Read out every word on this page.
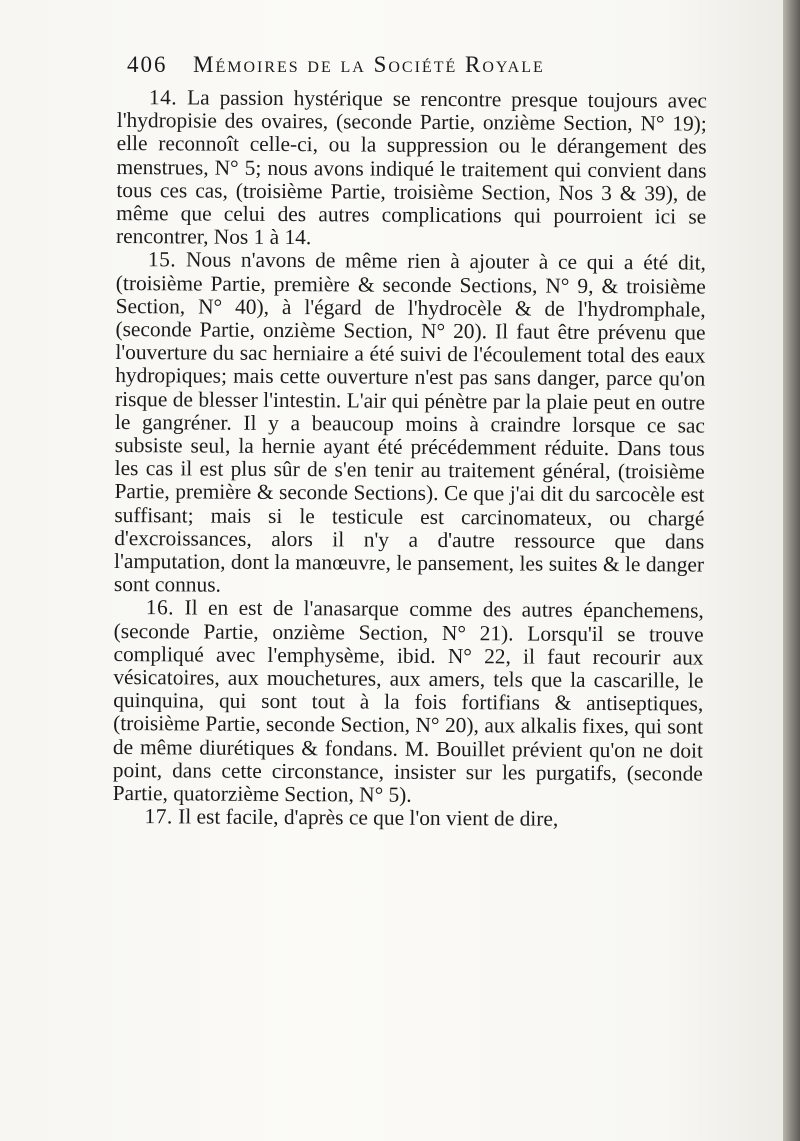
406 Mémoires de la Société Royale

14. La passion hystérique se rencontre presque toujours avec l'hydropisie des ovaires, (seconde Partie, onzième Section, N° 19); elle reconnoît celle-ci, ou la suppression ou le dérangement des menstrues, N° 5; nous avons indiqué le traitement qui convient dans tous ces cas, (troisième Partie, troisième Section, Nos 3 & 39), de même que celui des autres complications qui pourroient ici se rencontrer, Nos 1 à 14.

15. Nous n'avons de même rien à ajouter à ce qui a été dit, (troisième Partie, première & seconde Sections, N° 9, & troisième Section, N° 40), à l'égard de l'hydrocèle & de l'hydromphale, (seconde Partie, onzième Section, N° 20). Il faut être prévenu que l'ouverture du sac herniaire a été suivi de l'écoulement total des eaux hydropiques; mais cette ouverture n'est pas sans danger, parce qu'on risque de blesser l'intestin. L'air qui pénètre par la plaie peut en outre le gangréner. Il y a beaucoup moins à craindre lorsque ce sac subsiste seul, la hernie ayant été précédemment réduite. Dans tous les cas il est plus sûr de s'en tenir au traitement général, (troisième Partie, première & seconde Sections). Ce que j'ai dit du sarcocèle est suffisant; mais si le testicule est carcinomateux, ou chargé d'excroissances, alors il n'y a d'autre ressource que dans l'amputation, dont la manœuvre, le pansement, les suites & le danger sont connus.

16. Il en est de l'anasarque comme des autres épanchemens, (seconde Partie, onzième Section, N° 21). Lorsqu'il se trouve compliqué avec l'emphysème, ibid. N° 22, il faut recourir aux vésicatoires, aux mouchetures, aux amers, tels que la cascarille, le quinquina, qui sont tout à la fois fortifians & antiseptiques, (troisième Partie, seconde Section, N° 20), aux alkalis fixes, qui sont de même diurétiques & fondans. M. Bouillet prévient qu'on ne doit point, dans cette circonstance, insister sur les purgatifs, (seconde Partie, quatorzième Section, N° 5).

17. Il est facile, d'après ce que l'on vient de dire,
